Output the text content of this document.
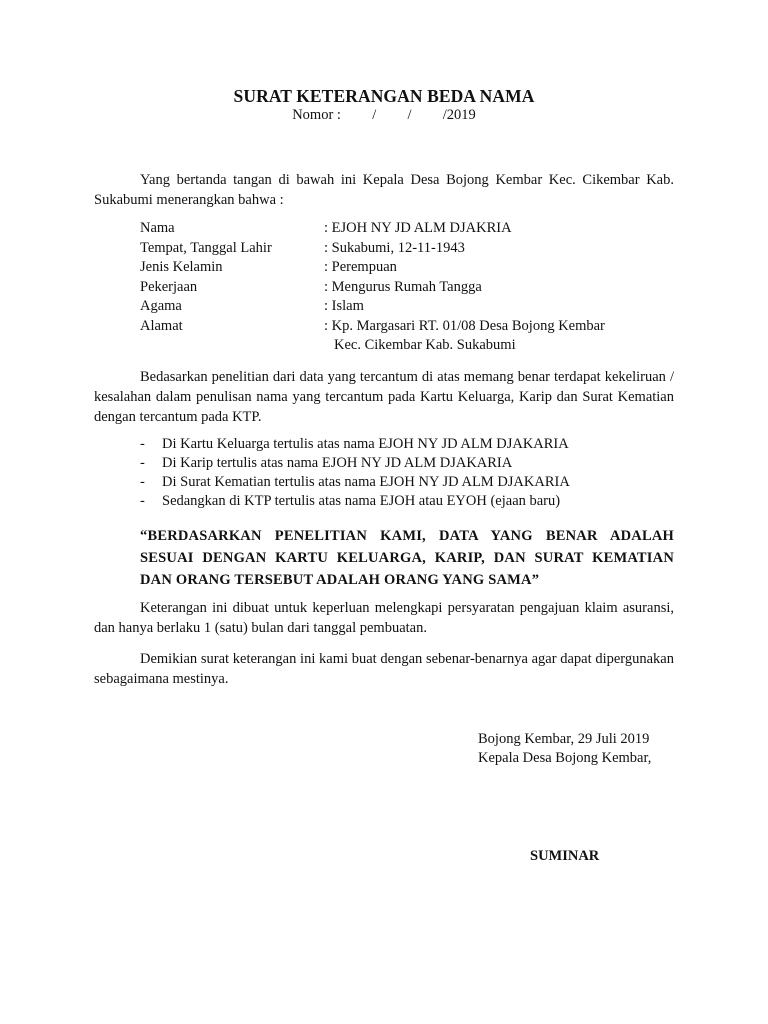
SURAT KETERANGAN BEDA NAMA
Nomor : / / /2019
Yang bertanda tangan di bawah ini Kepala Desa Bojong Kembar Kec. Cikembar Kab. Sukabumi menerangkan bahwa :
Nama	: EJOH NY JD ALM DJAKRIA
Tempat, Tanggal Lahir	: Sukabumi, 12-11-1943
Jenis Kelamin	: Perempuan
Pekerjaan	: Mengurus Rumah Tangga
Agama	: Islam
Alamat	: Kp. Margasari RT. 01/08 Desa Bojong Kembar
Kec. Cikembar Kab. Sukabumi
Bedasarkan penelitian dari data yang tercantum di atas memang benar terdapat kekeliruan / kesalahan dalam penulisan nama yang tercantum pada Kartu Keluarga, Karip dan Surat Kematian dengan tercantum pada KTP.
-	Di Kartu Keluarga tertulis atas nama EJOH NY JD ALM DJAKARIA
-	Di Karip tertulis atas nama EJOH NY JD ALM DJAKARIA
-	Di Surat Kematian tertulis atas nama EJOH NY JD ALM DJAKARIA
-	Sedangkan di KTP tertulis atas nama EJOH atau EYOH (ejaan baru)
“BERDASARKAN PENELITIAN KAMI, DATA YANG BENAR ADALAH SESUAI DENGAN KARTU KELUARGA, KARIP, DAN SURAT KEMATIAN DAN ORANG TERSEBUT ADALAH ORANG YANG SAMA”
Keterangan ini dibuat untuk keperluan melengkapi persyaratan pengajuan klaim asuransi, dan hanya berlaku 1 (satu) bulan dari tanggal pembuatan.
Demikian surat keterangan ini kami buat dengan sebenar-benarnya agar dapat dipergunakan sebagaimana mestinya.
Bojong Kembar, 29 Juli 2019
Kepala Desa Bojong Kembar,
SUMINAR
